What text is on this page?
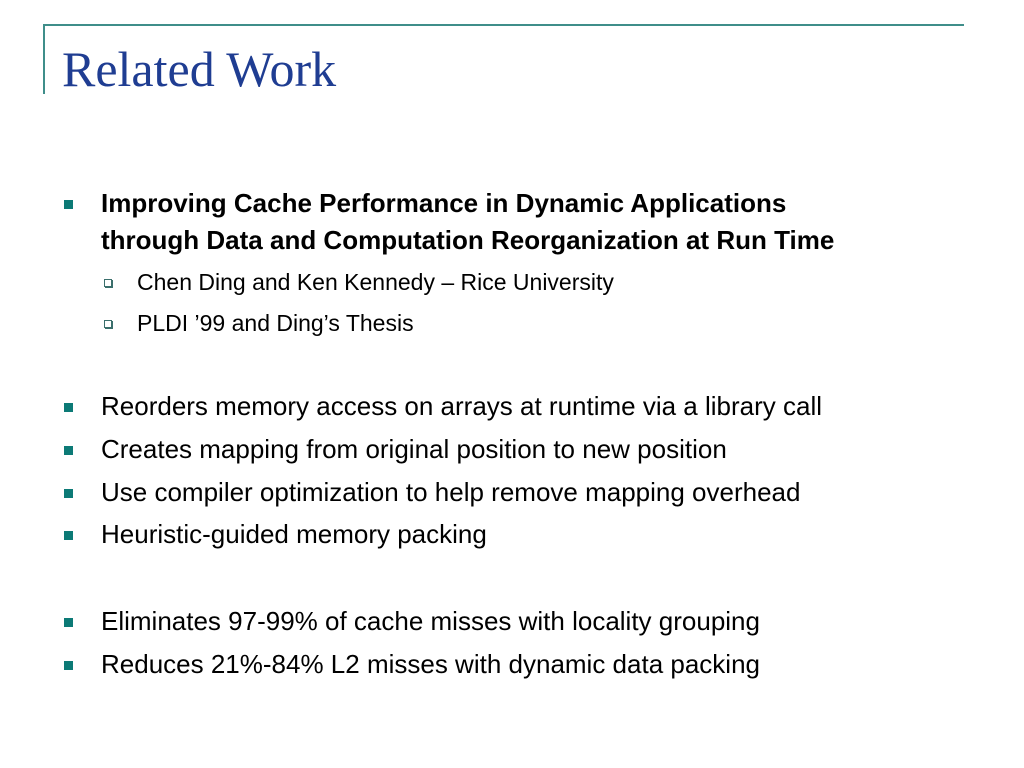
Related Work
Improving Cache Performance in Dynamic Applications
through Data and Computation Reorganization at Run Time
Chen Ding and Ken Kennedy – Rice University
PLDI ’99 and Ding’s Thesis
Reorders memory access on arrays at runtime via a library call
Creates mapping from original position to new position
Use compiler optimization to help remove mapping overhead
Heuristic-guided memory packing
Eliminates 97-99% of cache misses with locality grouping
Reduces 21%-84% L2 misses with dynamic data packing
